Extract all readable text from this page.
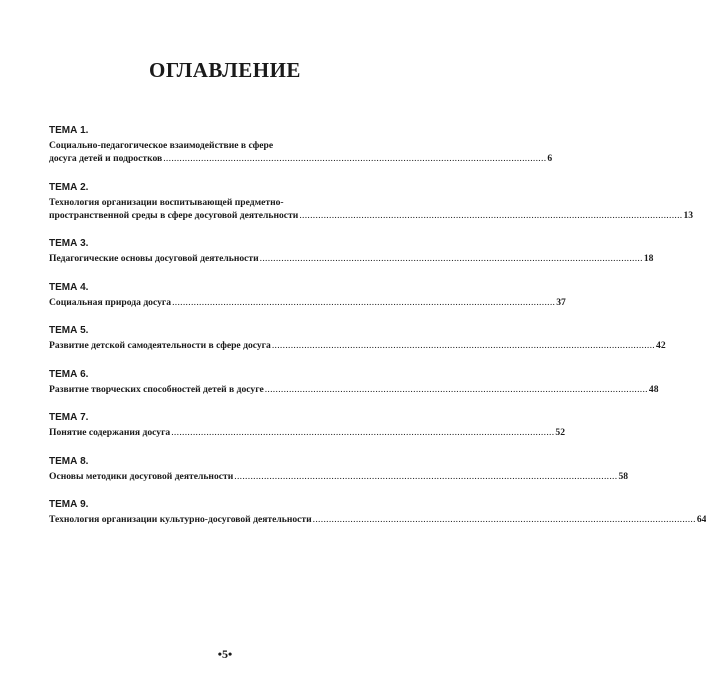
ОГЛАВЛЕНИЕ
ТЕМА 1.
Социально-педагогическое взаимодействие в сфере
досуга детей и подростков .............................................................................................................................................. 6
ТЕМА 2.
Технология организации воспитывающей предметно-
пространственной среды в сфере досуговой деятельности .............................................................................................................................................. 13
ТЕМА 3.
Педагогические основы досуговой деятельности .............................................................................................................................................. 18
ТЕМА 4.
Социальная природа досуга .............................................................................................................................................. 37
ТЕМА 5.
Развитие детской самодеятельности в сфере досуга .............................................................................................................................................. 42
ТЕМА 6.
Развитие творческих способностей детей в досуге .............................................................................................................................................. 48
ТЕМА 7.
Понятие содержания досуга .............................................................................................................................................. 52
ТЕМА 8.
Основы методики досуговой деятельности .............................................................................................................................................. 58
ТЕМА 9.
Технология организации культурно-досуговой деятельности .............................................................................................................................................. 64
•5•
